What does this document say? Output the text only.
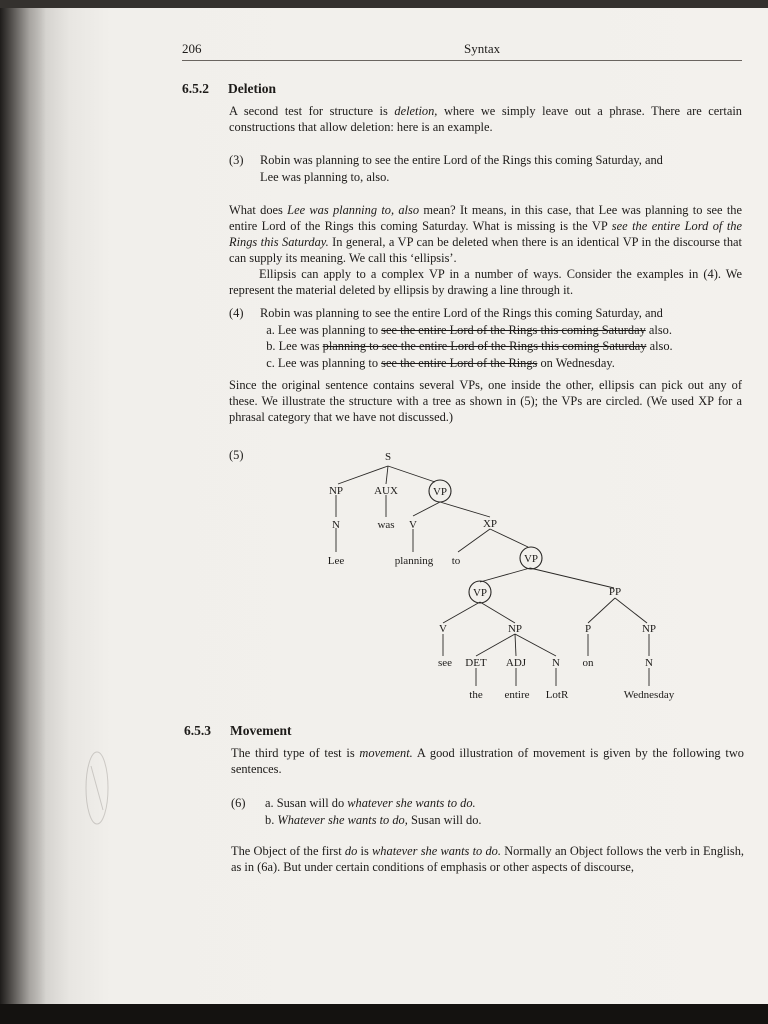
206	Syntax
6.5.2 Deletion

A second test for structure is deletion, where we simply leave out a phrase. There are certain constructions that allow deletion: here is an example.

(3) Robin was planning to see the entire Lord of the Rings this coming Saturday, and
Lee was planning to, also.

What does Lee was planning to, also mean? It means, in this case, that Lee was planning to see the entire Lord of the Rings this coming Saturday. What is missing is the VP see the entire Lord of the Rings this Saturday. In general, a VP can be deleted when there is an identical VP in the discourse that can supply its meaning. We call this ‘ellipsis’.

Ellipsis can apply to a complex VP in a number of ways. Consider the examples in (4). We represent the material deleted by ellipsis by drawing a line through it.

(4) Robin was planning to see the entire Lord of the Rings this coming Saturday, and
 a. Lee was planning to see the entire Lord of the Rings this coming Saturday also.
 b. Lee was planning to see the entire Lord of the Rings this coming Saturday also.
 c. Lee was planning to see the entire Lord of the Rings on Wednesday.

Since the original sentence contains several VPs, one inside the other, ellipsis can pick out any of these. We illustrate the structure with a tree as shown in (5); the VPs are circled. (We used XP for a phrasal category that we have not discussed.)

(5)	S
NP	AUX	VP
N	was V	XP
Lee	planning to	VP
VP	PP
V	NP	P	NP
see DET ADJ N on	N
the entire LotR	Wednesday
6.5.3 Movement

The third type of test is movement. A good illustration of movement is given by the following two sentences.

(6) a. Susan will do whatever she wants to do.
b. Whatever she wants to do, Susan will do.

The Object of the first do is whatever she wants to do. Normally an Object follows the verb in English, as in (6a). But under certain conditions of emphasis or other aspects of discourse,
